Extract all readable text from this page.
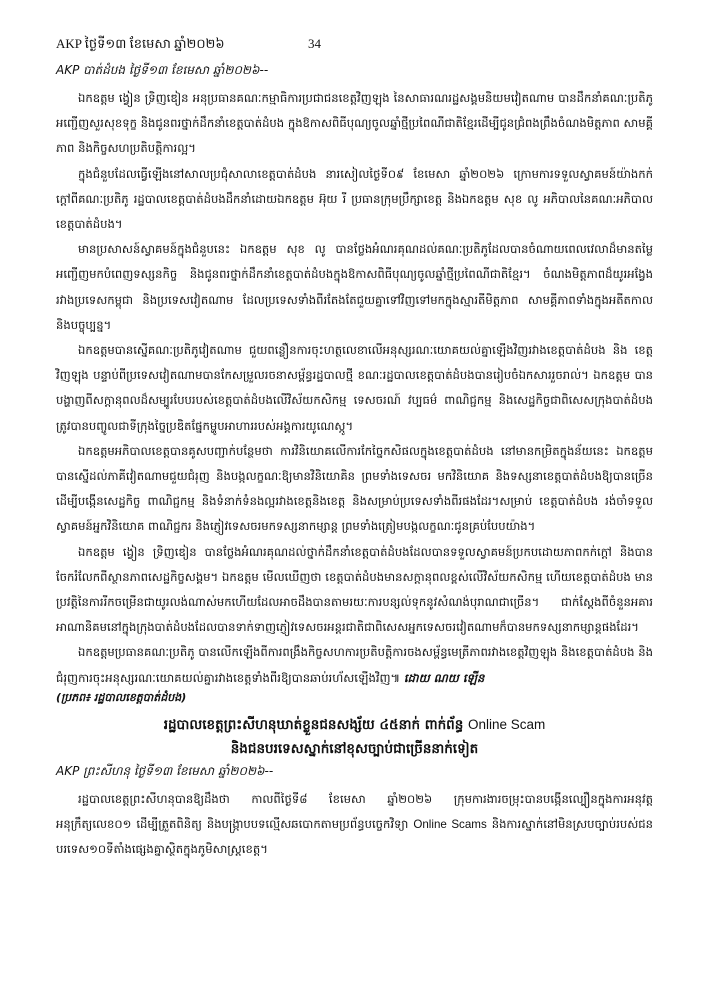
AKP ថ្ងៃទី១៣ ខែមេសា ឆ្នាំ២០២៦	34

AKP បាត់ដំបង ថ្ងៃទី១៣ ខែមេសា ឆ្នាំ២០២៦--

ឯកឧត្តម ង្វៀន ទ្រិញឌៀន អនុប្រធានគណៈកម្មាធិការប្រជាជនខេត្តវិញឡុង នៃសាធារណរដ្ឋសង្គមនិយមវៀតណាម បានដឹកនាំគណៈប្រតិភូអញ្ជើញសួរសុខទុក្ខ និងជូនពរថ្នាក់ដឹកនាំខេត្តបាត់ដំបង ក្នុងឱកាសពិធីបុណ្យចូលឆ្នាំថ្មីប្រពៃណីជាតិខ្មែរដើម្បីជូនជ្រំពងព្រឹងចំណងមិត្តភាព សាមគ្គីភាព និងកិច្ចសហប្រតិបត្តិការល្អ។

ក្នុងជំនួបដែលធ្វើឡើងនៅសាលប្រជុំសាលាខេត្តបាត់ដំបង នារសៀលថ្ងៃទី០៩ ខែមេសា ឆ្នាំ២០២៦ ក្រោមការទទួលស្វាគមន៍យ៉ាងកក់ក្តៅពីគណៈប្រតិភូ រដ្ឋបាលខេត្តបាត់ដំបងដឹកនាំដោយឯកឧត្តម អ៊ុយ រី ប្រធានក្រុមប្រឹក្សាខេត្ត និងឯកឧត្តម សុខ លូ អភិបាលនៃគណៈអភិបាលខេត្តបាត់ដំបង។

មានប្រសាសន៍ស្វាគមន៍ក្នុងជំនួបនេះ ឯកឧត្តម សុខ លូ បានថ្លែងអំណរគុណដល់គណៈប្រតិភូដែលបានចំណាយពេលវេលាដ៏មានតម្លៃអញ្ជើញមកបំពេញទស្សនកិច្ច និងជូនពរថ្នាក់ដឹកនាំខេត្តបាត់ដំបងក្នុងឱកាសពិធីបុណ្យចូលឆ្នាំថ្មីប្រពៃណីជាតិខ្មែរ។ ចំណងមិត្តភាពដ៏យូរអង្វែងរវាងប្រទេសកម្ពុជា និងប្រទេសវៀតណាម ដែលប្រទេសទាំងពីរតែងតែជួយគ្នាទៅវិញទៅមកក្នុងស្មារតីមិត្តភាព សាមគ្គីភាពទាំងក្នុងអតីតកាល និងបច្ចុប្បន្ន។

ឯកឧត្តមបានស្នើគណៈប្រតិភូវៀតណាម ជួយពន្លឿនការចុះហត្ថលេខាលើអនុស្សរណៈយោគយល់គ្នាឡើងវិញរវាងខេត្តបាត់ដំបង និង ខេត្តវិញឡុង បន្ទាប់ពីប្រទេសវៀតណាមបានកែសម្រួលរចនាសម្ព័ន្ធរដ្ឋបាលថ្មី ខណៈរដ្ឋបាលខេត្តបាត់ដំបងបានរៀបចំឯកសាររួចរាល់។ ឯកឧត្តម បានបង្ហាញពីសក្តានុពលដ៏សម្បូរបែបរបស់ខេត្តបាត់ដំបងលើវិស័យកសិកម្ម ទេសចរណ៍ វប្បធម៌ ពាណិជ្ជកម្ម និងសេដ្ឋកិច្ចជាពិសេសក្រុងបាត់ដំបងត្រូវបានបញ្ចូលជាទីក្រុងច្នៃប្រឌិតផ្នែកម្ហូបអាហាររបស់អង្គការយូណេស្កូ។

ឯកឧត្តមអភិបាលខេត្តបានគូសបញ្ជាក់បន្ថែមថា ការវិនិយោគលើការកែច្នៃកសិផលក្នុងខេត្តបាត់ដំបង នៅមានកម្រិតក្នុងន័យនេះ ឯកឧត្តមបានស្នើដល់ភាគីវៀតណាមជួយជំរុញ និងបង្កលក្ខណៈឱ្យមានវិនិយោគិន ព្រមទាំងទេសចរ មកវិនិយោគ និងទស្សនាខេត្តបាត់ដំបងឱ្យបានច្រើនដើម្បីបង្កើនសេដ្ឋកិច្ច ពាណិជ្ជកម្ម និងទំនាក់ទំនងល្អរវាងខេត្តនិងខេត្ត និងសម្រាប់ប្រទេសទាំងពីរផងដែរ។សម្រាប់ ខេត្តបាត់ដំបង រង់ចាំទទួលស្វាគមន៍អ្នកវិនិយោគ ពាណិជ្ជករ និងភ្ញៀវទេសចរមកទស្សនាកម្សាន្ត ព្រមទាំងត្រៀមបង្កលក្ខណៈជូនគ្រប់បែបយ៉ាង។

ឯកឧត្តម ង្វៀន ទ្រិញឌៀន បានថ្លែងអំណរគុណដល់ថ្នាក់ដឹកនាំខេត្តបាត់ដំបងដែលបានទទួលស្វាគមន៍ប្រកបដោយភាពកក់ក្តៅ និងបានចែករំលែកពីស្ថានភាពសេដ្ឋកិច្ចសង្គម។ ឯកឧត្តម មើលឃើញថា ខេត្តបាត់ដំបងមានសក្តានុពលខ្ពស់លើវិស័យកសិកម្ម ហើយខេត្តបាត់ដំបង មានប្រវត្តិនៃការរីកចម្រើនជាយូរលង់ណាស់មកហើយដែលអាចដឹងបានតាមរយៈការបន្សល់ទុកនូវសំណង់បុរាណជាច្រើន។ ជាក់ស្តែងពីចំនួនអគារអាណានិគមនៅក្នុងក្រុងបាត់ដំបងដែលបានទាក់ទាញភ្ញៀវទេសចរអន្តរជាតិជាពិសេសអ្នកទេសចរវៀតណាមក៏បានមកទស្សនាកម្សាន្តផងដែរ។

ឯកឧត្តមប្រធានគណៈប្រតិភូ បានលើកឡើងពីការពង្រឹងកិច្ចសហការប្រតិបត្តិការចងសម្ព័ន្ធមេត្រីភាពរវាងខេត្តវិញឡុង និងខេត្តបាត់ដំបង និងជំរុញការចុះអនុស្សរណៈយោគយល់គ្នារវាងខេត្តទាំងពីរឱ្យបានឆាប់រហ័សឡើងវិញ៕ ដោយ ណយ ឡើន

(ប្រភព៖ រដ្ឋបាលខេត្តបាត់ដំបង)

រដ្ឋបាលខេត្តព្រះសីហនុឃាត់ខ្លួនជនសង្ស័យ ៤៥នាក់ ពាក់ព័ន្ធ Online Scam

និងជនបរទេសស្នាក់នៅខុសច្បាប់ជាច្រើននាក់ទៀត

AKP ព្រះសីហនុ ថ្ងៃទី១៣ ខែមេសា ឆ្នាំ២០២៦--

រដ្ឋបាលខេត្តព្រះសីហនុបានឱ្យដឹងថា កាលពីថ្ងៃទី៨ ខែមេសា ឆ្នាំ២០២៦ ក្រុមការងារចម្រុះបានបង្កើនល្បឿនក្នុងការអនុវត្តអនុក្រឹត្យលេខ០១ ដើម្បីត្រួតពិនិត្យ និងបង្ក្រាបបទល្មើសឆបោកតាមប្រព័ន្ធបច្ចេកវិទ្យា Online Scams និងការស្នាក់នៅមិនស្របច្បាប់របស់ជនបរទេស១០ទីតាំងផ្សេងគ្នាស្ថិតក្នុងភូមិសាស្ត្រខេត្ត។
